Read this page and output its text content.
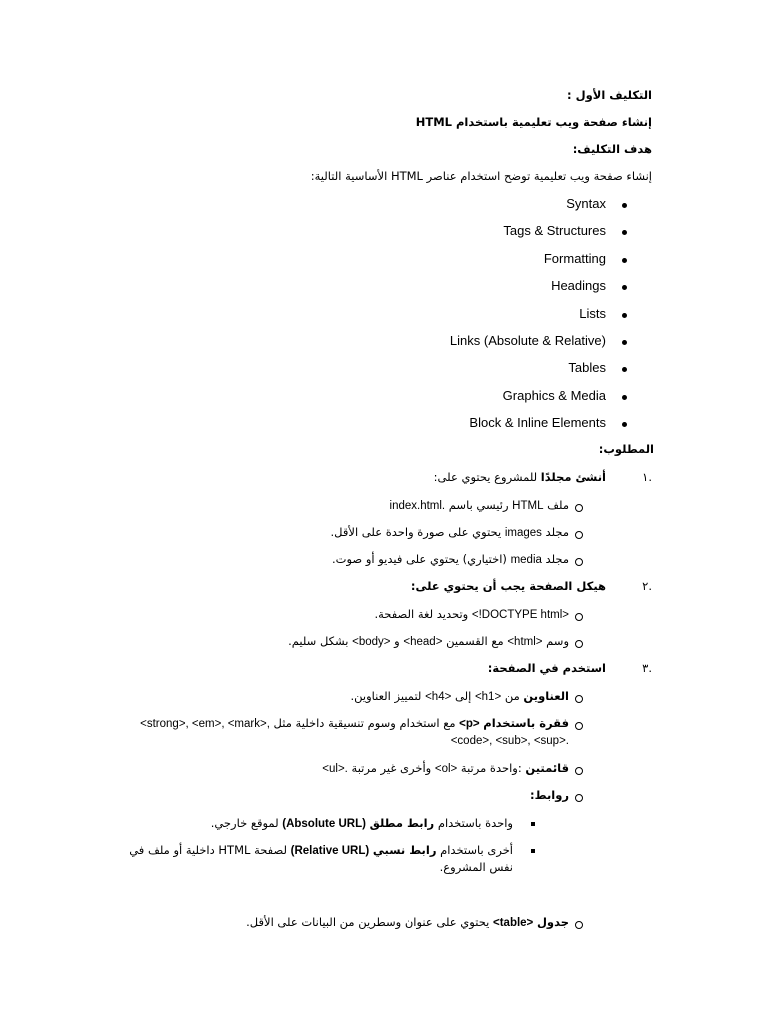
التكليف الأول :
إنشاء صفحة ويب تعليمية باستخدام HTML
هدف التكليف:
إنشاء صفحة ويب تعليمية توضح استخدام عناصر HTML الأساسية التالية:
Syntax
Tags & Structures
Formatting
Headings
Lists
Links (Absolute & Relative)
Tables
Graphics & Media
Block & Inline Elements
المطلوب:
.١
أنشئ مجلدًا للمشروع يحتوي على:
ملف HTML رئيسي باسم index.html.
مجلد images يحتوي على صورة واحدة على الأقل.
مجلد media (اختياري) يحتوي على فيديو أو صوت.
.٢
هيكل الصفحة يجب أن يحتوي على:
<!DOCTYPE html> وتحديد لغة الصفحة.
وسم <html> مع القسمين <head> و <body> بشكل سليم.
.٣
استخدم في الصفحة:
العناوين من <h1> إلى <h4> لتمييز العناوين.
فقرة باستخدام <p> مع استخدام وسوم تنسيقية داخلية مثل <strong>, <em>, <mark>,
<code>, <sub>, <sup>.
قائمتين :واحدة مرتبة <ol> وأخرى غير مرتبة <ul>.
روابط:
واحدة باستخدام رابط مطلق (Absolute URL) لموقع خارجي.
أخرى باستخدام رابط نسبي (Relative URL) لصفحة HTML داخلية أو ملف في نفس المشروع.
جدول <table> يحتوي على عنوان وسطرين من البيانات على الأقل.
